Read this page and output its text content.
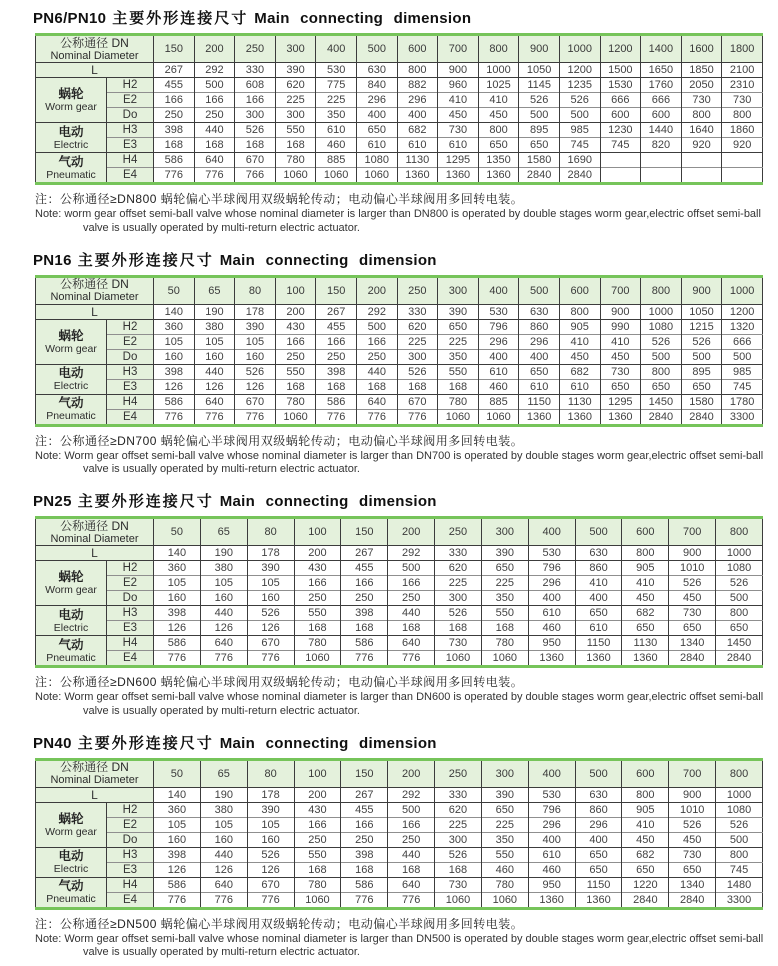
PN6/PN10 主要外形连接尺寸 Main connecting dimension
公称通径 DN
Nominal Diameter		150	200	250	300	400	500	600	700	800	900	1000	1200	1400	1600	1800
L		267	292	330	390	530	630	800	900	1000	1050	1200	1500	1650	1850	2100

蜗轮
Worm gear	H2	455	500	608	620	775	840	882	960	1025	1145	1235	1530	1760	2050	2310
	E2	166	166	166	225	225	296	296	410	410	526	526	666	666	730	730
	Do	250	250	300	300	350	400	400	450	450	500	500	600	600	800	800

电动
Electric	H3	398	440	526	550	610	650	682	730	800	895	985	1230	1440	1640	1860
	E3	168	168	168	168	460	610	610	610	650	650	745	745	820	920	920

气动
Pneumatic	H4	586	640	670	780	885	1080	1130	1295	1350	1580	1690				
	E4	776	776	766	1060	1060	1060	1360	1360	1360	2840	2840				

注：公称通径≥DN800 蜗轮偏心半球阀用双级蜗轮传动；电动偏心半球阀用多回转电装。

Note: worm gear offset semi-ball valve whose nominal diameter is larger than DN800 is operated by double stages worm gear,electric offset semi-ball
valve is usually operated by multi-return electric actuator.

PN16 主要外形连接尺寸 Main connecting dimension
公称通径 DN
Nominal Diameter		50	65	80	100	150	200	250	300	400	500	600	700	800	900	1000
L		140	190	178	200	267	292	330	390	530	630	800	900	1000	1050	1200

蜗轮
Worm gear	H2	360	380	390	430	455	500	620	650	796	860	905	990	1080	1215	1320
	E2	105	105	105	166	166	166	225	225	296	296	410	410	526	526	666
	Do	160	160	160	250	250	250	300	350	400	400	450	450	500	500	500

电动
Electric	H3	398	440	526	550	398	440	526	550	610	650	682	730	800	895	985
	E3	126	126	126	168	168	168	168	168	460	610	610	650	650	650	745

气动
Pneumatic	H4	586	640	670	780	586	640	670	780	885	1150	1130	1295	1450	1580	1780
	E4	776	776	776	1060	776	776	776	1060	1060	1360	1360	1360	2840	2840	3300

注：公称通径≥DN700 蜗轮偏心半球阀用双级蜗轮传动；电动偏心半球阀用多回转电装。

Note: Worm gear offset semi-ball valve whose nominal diameter is larger than DN700 is operated by double stages worm gear,electric offset semi-ball
valve is usually operated by multi-return electric actuator.

PN25 主要外形连接尺寸 Main connecting dimension
公称通径 DN
Nominal Diameter		50	65	80	100	150	200	250	300	400	500	600	700	800
L		140	190	178	200	267	292	330	390	530	630	800	900	1000

蜗轮
Worm gear	H2	360	380	390	430	455	500	620	650	796	860	905	1010	1080
	E2	105	105	105	166	166	166	225	225	296	410	410	526	526
	Do	160	160	160	250	250	250	300	350	400	400	450	450	500

电动
Electric	H3	398	440	526	550	398	440	526	550	610	650	682	730	800
	E3	126	126	126	168	168	168	168	168	460	610	650	650	650

气动
Pneumatic	H4	586	640	670	780	586	640	730	780	950	1150	1130	1340	1450
	E4	776	776	776	1060	776	776	1060	1060	1360	1360	1360	2840	2840

注：公称通径≥DN600 蜗轮偏心半球阀用双级蜗轮传动；电动偏心半球阀用多回转电装。

Note: Worm gear offset semi-ball valve whose nominal diameter is larger than DN600 is operated by double stages worm gear,electric offset semi-ball
valve is usually operated by multi-return electric actuator.

PN40 主要外形连接尺寸 Main connecting dimension
公称通径 DN
Nominal Diameter		50	65	80	100	150	200	250	300	400	500	600	700	800
L		140	190	178	200	267	292	330	390	530	630	800	900	1000

蜗轮
Worm gear	H2	360	380	390	430	455	500	620	650	796	860	905	1010	1080
	E2	105	105	105	166	166	166	225	225	296	296	410	526	526
	Do	160	160	160	250	250	250	300	350	400	400	450	450	500

电动
Electric	H3	398	440	526	550	398	440	526	550	610	650	682	730	800
	E3	126	126	126	168	168	168	168	460	460	650	650	650	745

气动
Pneumatic	H4	586	640	670	780	586	640	730	780	950	1150	1220	1340	1480
	E4	776	776	776	1060	776	776	1060	1060	1360	1360	2840	2840	3300

注：公称通径≥DN500 蜗轮偏心半球阀用双级蜗轮传动；电动偏心半球阀用多回转电装。

Note: Worm gear offset semi-ball valve whose nominal diameter is larger than DN500 is operated by double stages worm gear,electric offset semi-ball
valve is usually operated by multi-return electric actuator.
